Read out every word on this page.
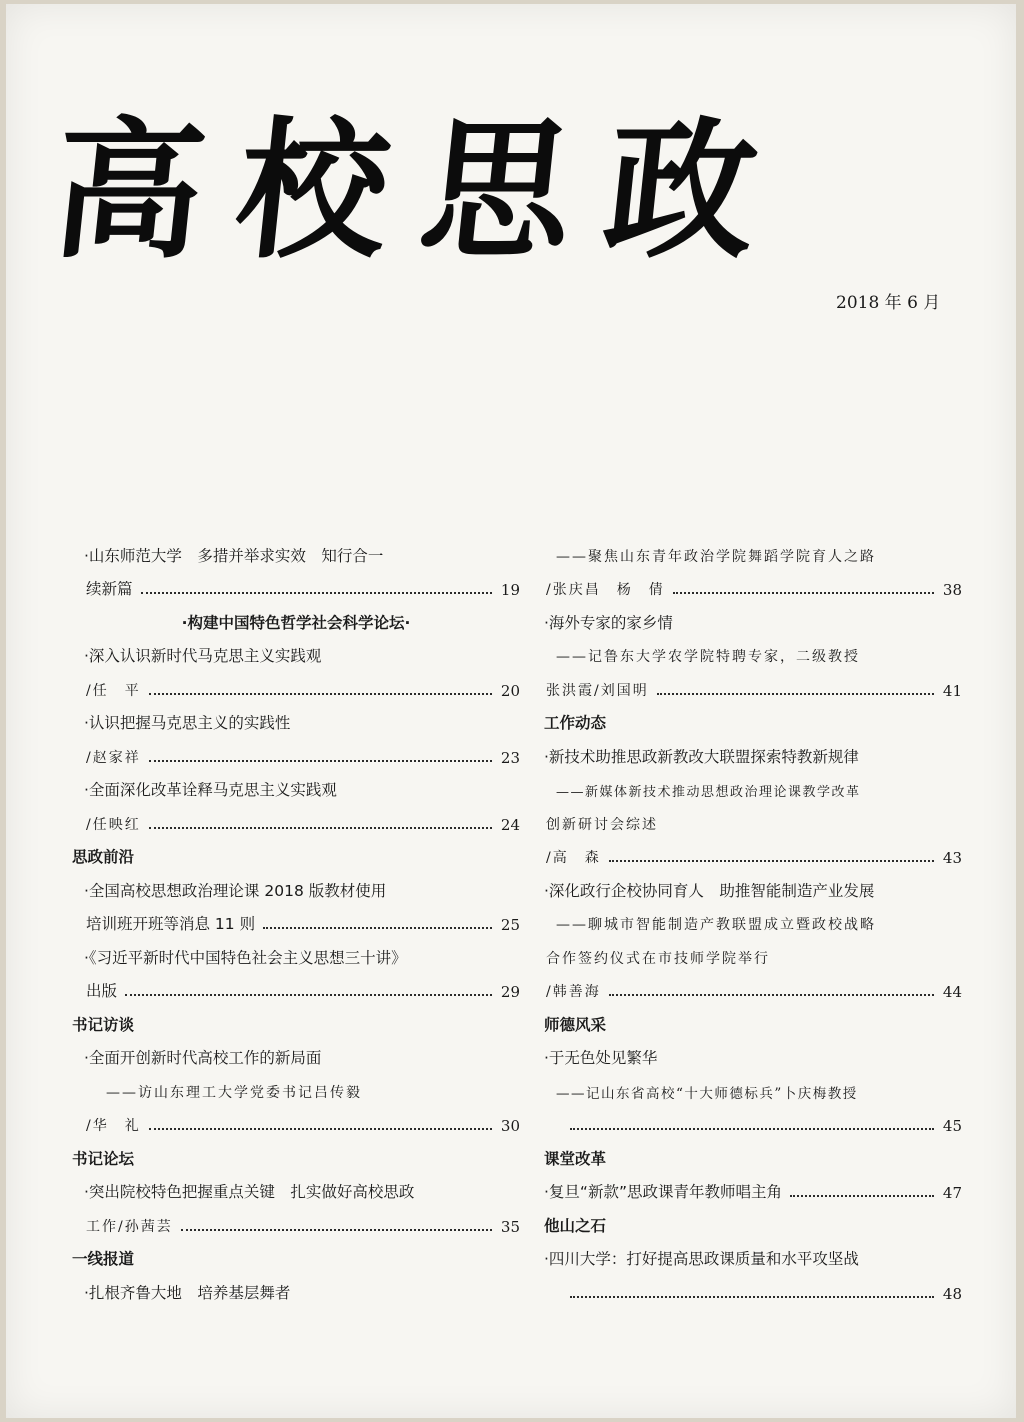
高校思政
2018 年 6 月
·山东师范大学　多措并举求实效　知行合一
续新篇	19
·构建中国特色哲学社会科学论坛·
·深入认识新时代马克思主义实践观
/任　平	20
·认识把握马克思主义的实践性
/赵家祥	23
·全面深化改革诠释马克思主义实践观
/任映红	24
思政前沿
·全国高校思想政治理论课 2018 版教材使用
培训班开班等消息 11 则	25
·《习近平新时代中国特色社会主义思想三十讲》
出版	29
书记访谈
·全面开创新时代高校工作的新局面
——访山东理工大学党委书记吕传毅
/华　礼	30
书记论坛
·突出院校特色把握重点关键　扎实做好高校思政
工作/孙茜芸	35
一线报道
·扎根齐鲁大地　培养基层舞者
——聚焦山东青年政治学院舞蹈学院育人之路
/张庆昌　杨　倩	38
·海外专家的家乡情
——记鲁东大学农学院特聘专家，二级教授
张洪霞/刘国明	41
工作动态
·新技术助推思政新教改大联盟探索特教新规律
——新媒体新技术推动思想政治理论课教学改革
创新研讨会综述
/高　森	43
·深化政行企校协同育人　助推智能制造产业发展
——聊城市智能制造产教联盟成立暨政校战略
合作签约仪式在市技师学院举行
/韩善海	44
师德风采
·于无色处见繁华
——记山东省高校“十大师德标兵”卜庆梅教授
45
课堂改革
·复旦“新款”思政课青年教师唱主角	47
他山之石
·四川大学：打好提高思政课质量和水平攻坚战
48
